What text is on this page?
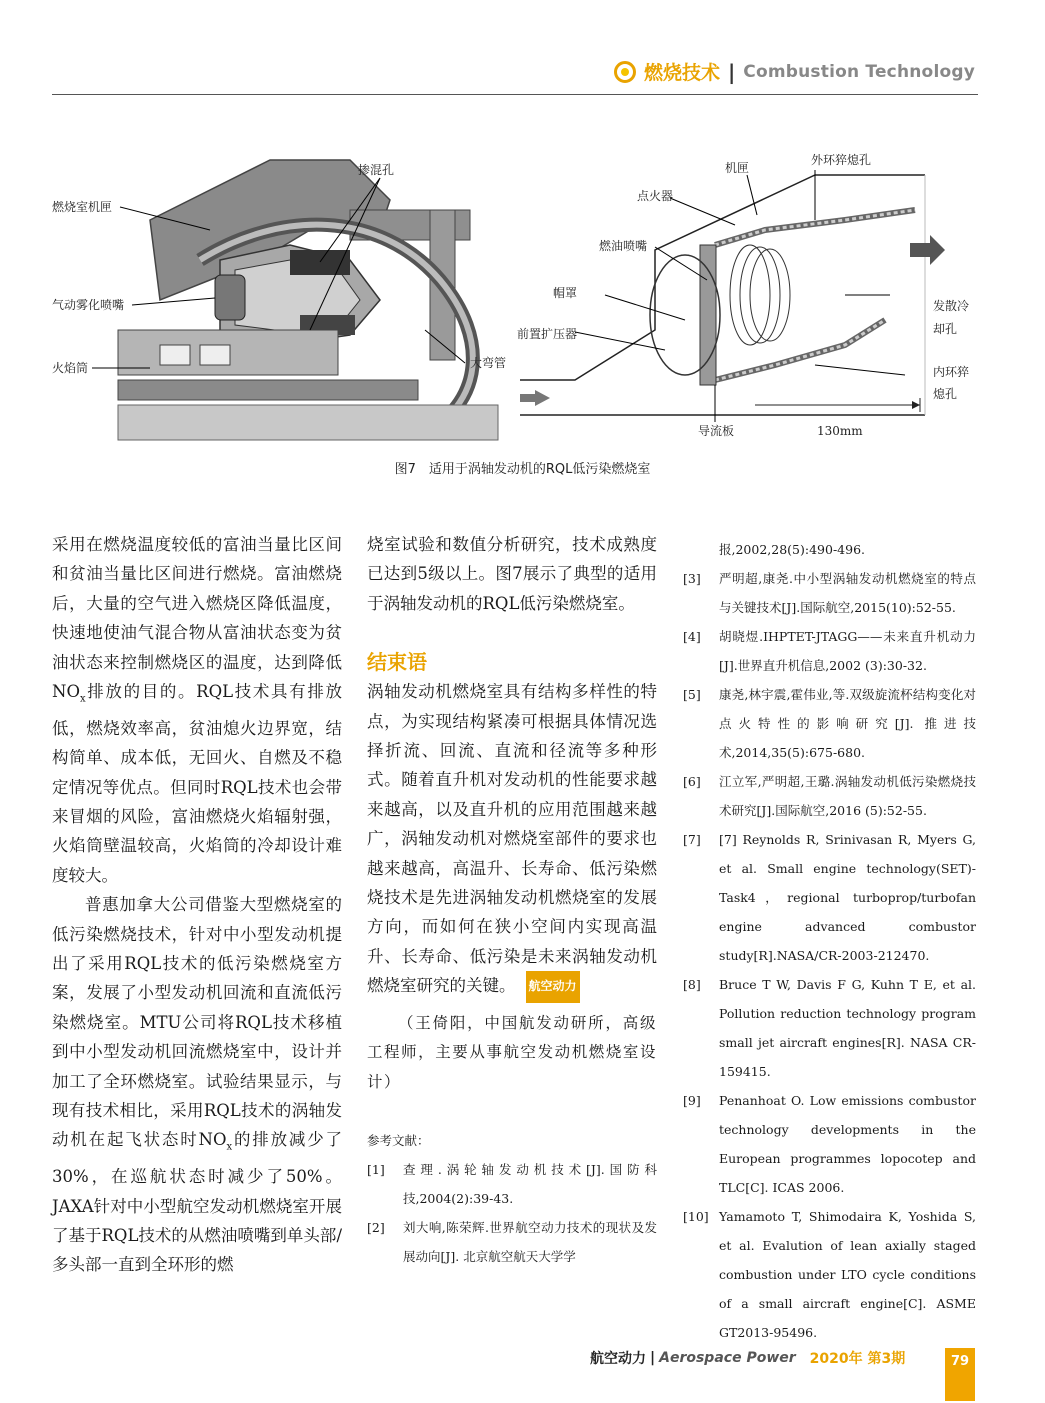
燃烧技术 | Combustion Technology
燃烧室机匣
掺混孔
气动雾化喷嘴
火焰筒	大弯管
机匣
外环猝熄孔
点火器
燃油喷嘴
帽罩
前置扩压器
发散冷
却孔
内环猝
熄孔
导流板	130mm
图7　适用于涡轴发动机的RQL低污染燃烧室

采用在燃烧温度较低的富油当量比区间和贫油当量比区间进行燃烧。富油燃烧后，大量的空气进入燃烧区降低温度，快速地使油气混合物从富油状态变为贫油状态来控制燃烧区的温度，达到降低$NO_x$排放的目的。RQL技术具有排放低，燃烧效率高，贫油熄火边界宽，结构简单、成本低，无回火、自燃及不稳定情况等优点。但同时RQL技术也会带来冒烟的风险，富油燃烧火焰辐射强，火焰筒壁温较高，火焰筒的冷却设计难度较大。

普惠加拿大公司借鉴大型燃烧室的低污染燃烧技术，针对中小型发动机提出了采用RQL技术的低污染燃烧室方案，发展了小型发动机回流和直流低污染燃烧室。MTU公司将RQL技术移植到中小型发动机回流燃烧室中，设计并加工了全环燃烧室。试验结果显示，与现有技术相比，采用RQL技术的涡轴发动机在起飞状态时$NO_x$的排放减少了30%，在巡航状态时减少了50%。JAXA针对中小型航空发动机燃烧室开展了基于RQL技术的从燃油喷嘴到单头部/多头部一直到全环形的燃

烧室试验和数值分析研究，技术成熟度已达到5级以上。图7展示了典型的适用于涡轴发动机的RQL低污染燃烧室。

结束语

涡轴发动机燃烧室具有结构多样性的特点，为实现结构紧凑可根据具体情况选择折流、回流、直流和径流等多种形式。随着直升机对发动机的性能要求越来越高，以及直升机的应用范围越来越广，涡轴发动机对燃烧室部件的要求也越来越高，高温升、长寿命、低污染燃烧技术是先进涡轴发动机燃烧室的发展方向，而如何在狭小空间内实现高温升、长寿命、低污染是未来涡轴发动机燃烧室研究的关键。 航空动力

（王倚阳，中国航发动研所，高级工程师，主要从事航空发动机燃烧室设计）

参考文献：
[1]	查理.涡轮轴发动机技术[J].国防科技,2004(2):39-43.
[2]	刘大响,陈荣辉.世界航空动力技术的现状及发展动向[J]. 北京航空航天大学学
报,2002,28(5):490-496.
[3]	严明超,康尧.中小型涡轴发动机燃烧室的特点与关键技术[J].国际航空,2015(10):52-55.
[4]	胡晓煜.IHPTET-JTAGG——未来直升机动力[J].世界直升机信息,2002 (3):30-32.
[5]	康尧,林宇震,霍伟业,等.双级旋流杯结构变化对点火特性的影响研究[J]. 推进技术,2014,35(5):675-680.
[6]	江立军,严明超,王璐.涡轴发动机低污染燃烧技术研究[J].国际航空,2016 (5):52-55.
[7]	[7] Reynolds R, Srinivasan R, Myers G, et al. Small engine technology(SET)-Task4，regional turboprop/turbofan engine advanced combustor study[R].NASA/CR-2003-212470.
[8]	Bruce T W, Davis F G, Kuhn T E, et al. Pollution reduction technology program small jet aircraft engines[R]. NASA CR-159415.
[9]	Penanhoat O. Low emissions combustor technology developments in the European programmes lopocotep and TLC[C]. ICAS 2006.
[10] Yamamoto T, Shimodaira K, Yoshida S, et al. Evalution of lean axially staged combustion under LTO cycle conditions of a small aircraft engine[C]. ASME GT2013-95496.
航空动力 | Aerospace Power 2020年 第3期	79
